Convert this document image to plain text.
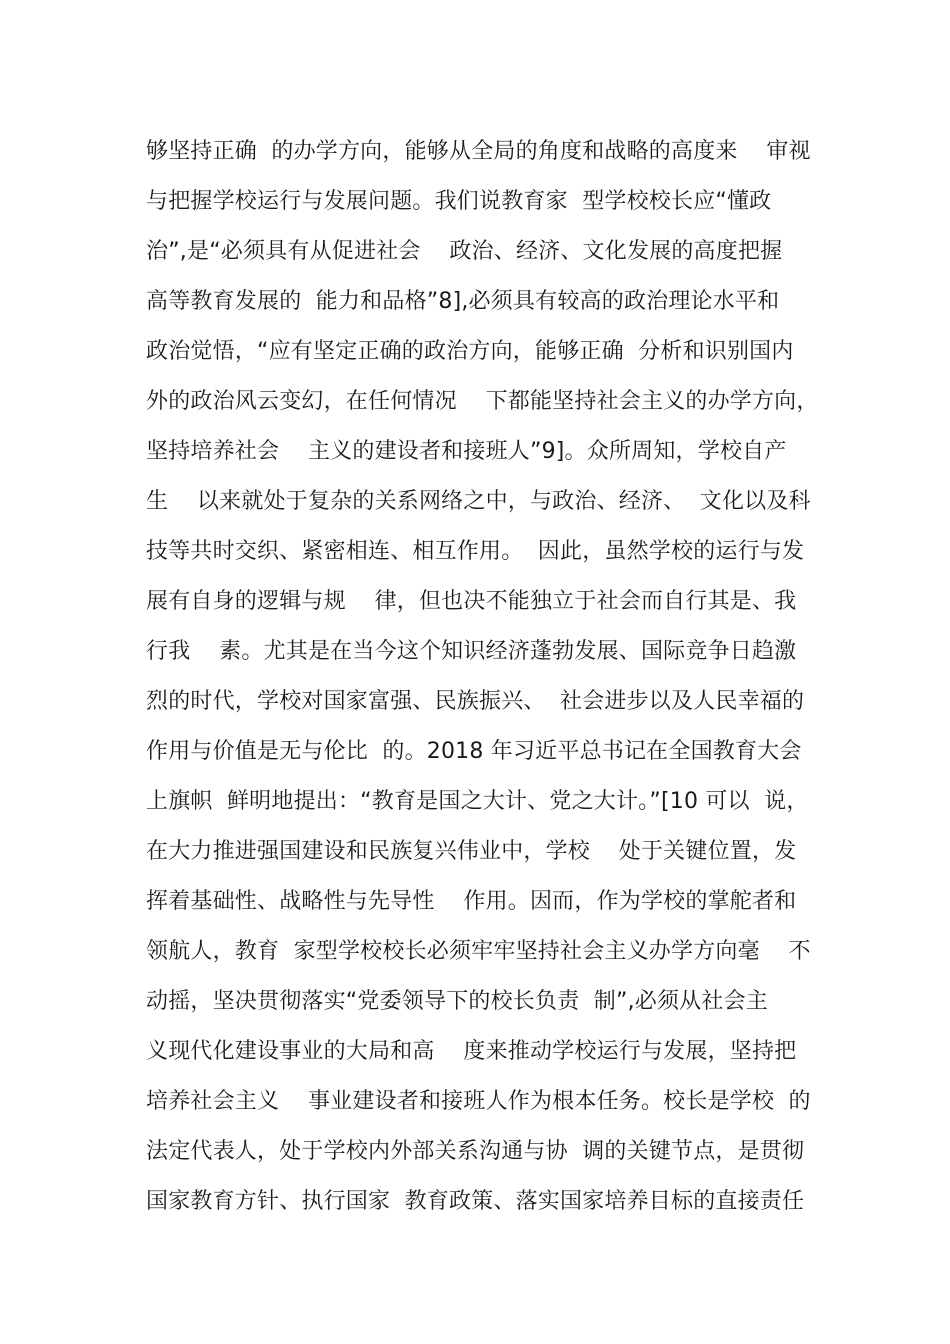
够坚持正确  的办学方向，能够从全局的角度和战略的高度来    审视
与把握学校运行与发展问题。我们说教育家  型学校校长应“懂政
治”,是“必须具有从促进社会    政治、经济、文化发展的高度把握
高等教育发展的  能力和品格”8],必须具有较高的政治理论水平和
政治觉悟，“应有坚定正确的政治方向，能够正确  分析和识别国内
外的政治风云变幻，在任何情况    下都能坚持社会主义的办学方向，
坚持培养社会    主义的建设者和接班人”9]。众所周知，学校自产
生    以来就处于复杂的关系网络之中，与政治、经济、  文化以及科
技等共时交织、紧密相连、相互作用。  因此，虽然学校的运行与发
展有自身的逻辑与规    律，但也决不能独立于社会而自行其是、我
行我    素。尤其是在当今这个知识经济蓬勃发展、国际竞争日趋激
烈的时代，学校对国家富强、民族振兴、  社会进步以及人民幸福的
作用与价值是无与伦比  的。2018 年习近平总书记在全国教育大会
上旗帜  鲜明地提出：“教育是国之大计、党之大计。”[10 可以  说，
在大力推进强国建设和民族复兴伟业中，学校    处于关键位置，发
挥着基础性、战略性与先导性    作用。因而，作为学校的掌舵者和
领航人，教育  家型学校校长必须牢牢坚持社会主义办学方向毫    不
动摇，坚决贯彻落实“党委领导下的校长负责  制”,必须从社会主
义现代化建设事业的大局和高    度来推动学校运行与发展，坚持把
培养社会主义    事业建设者和接班人作为根本任务。校长是学校  的
法定代表人，处于学校内外部关系沟通与协  调的关键节点，是贯彻
国家教育方针、执行国家  教育政策、落实国家培养目标的直接责任
